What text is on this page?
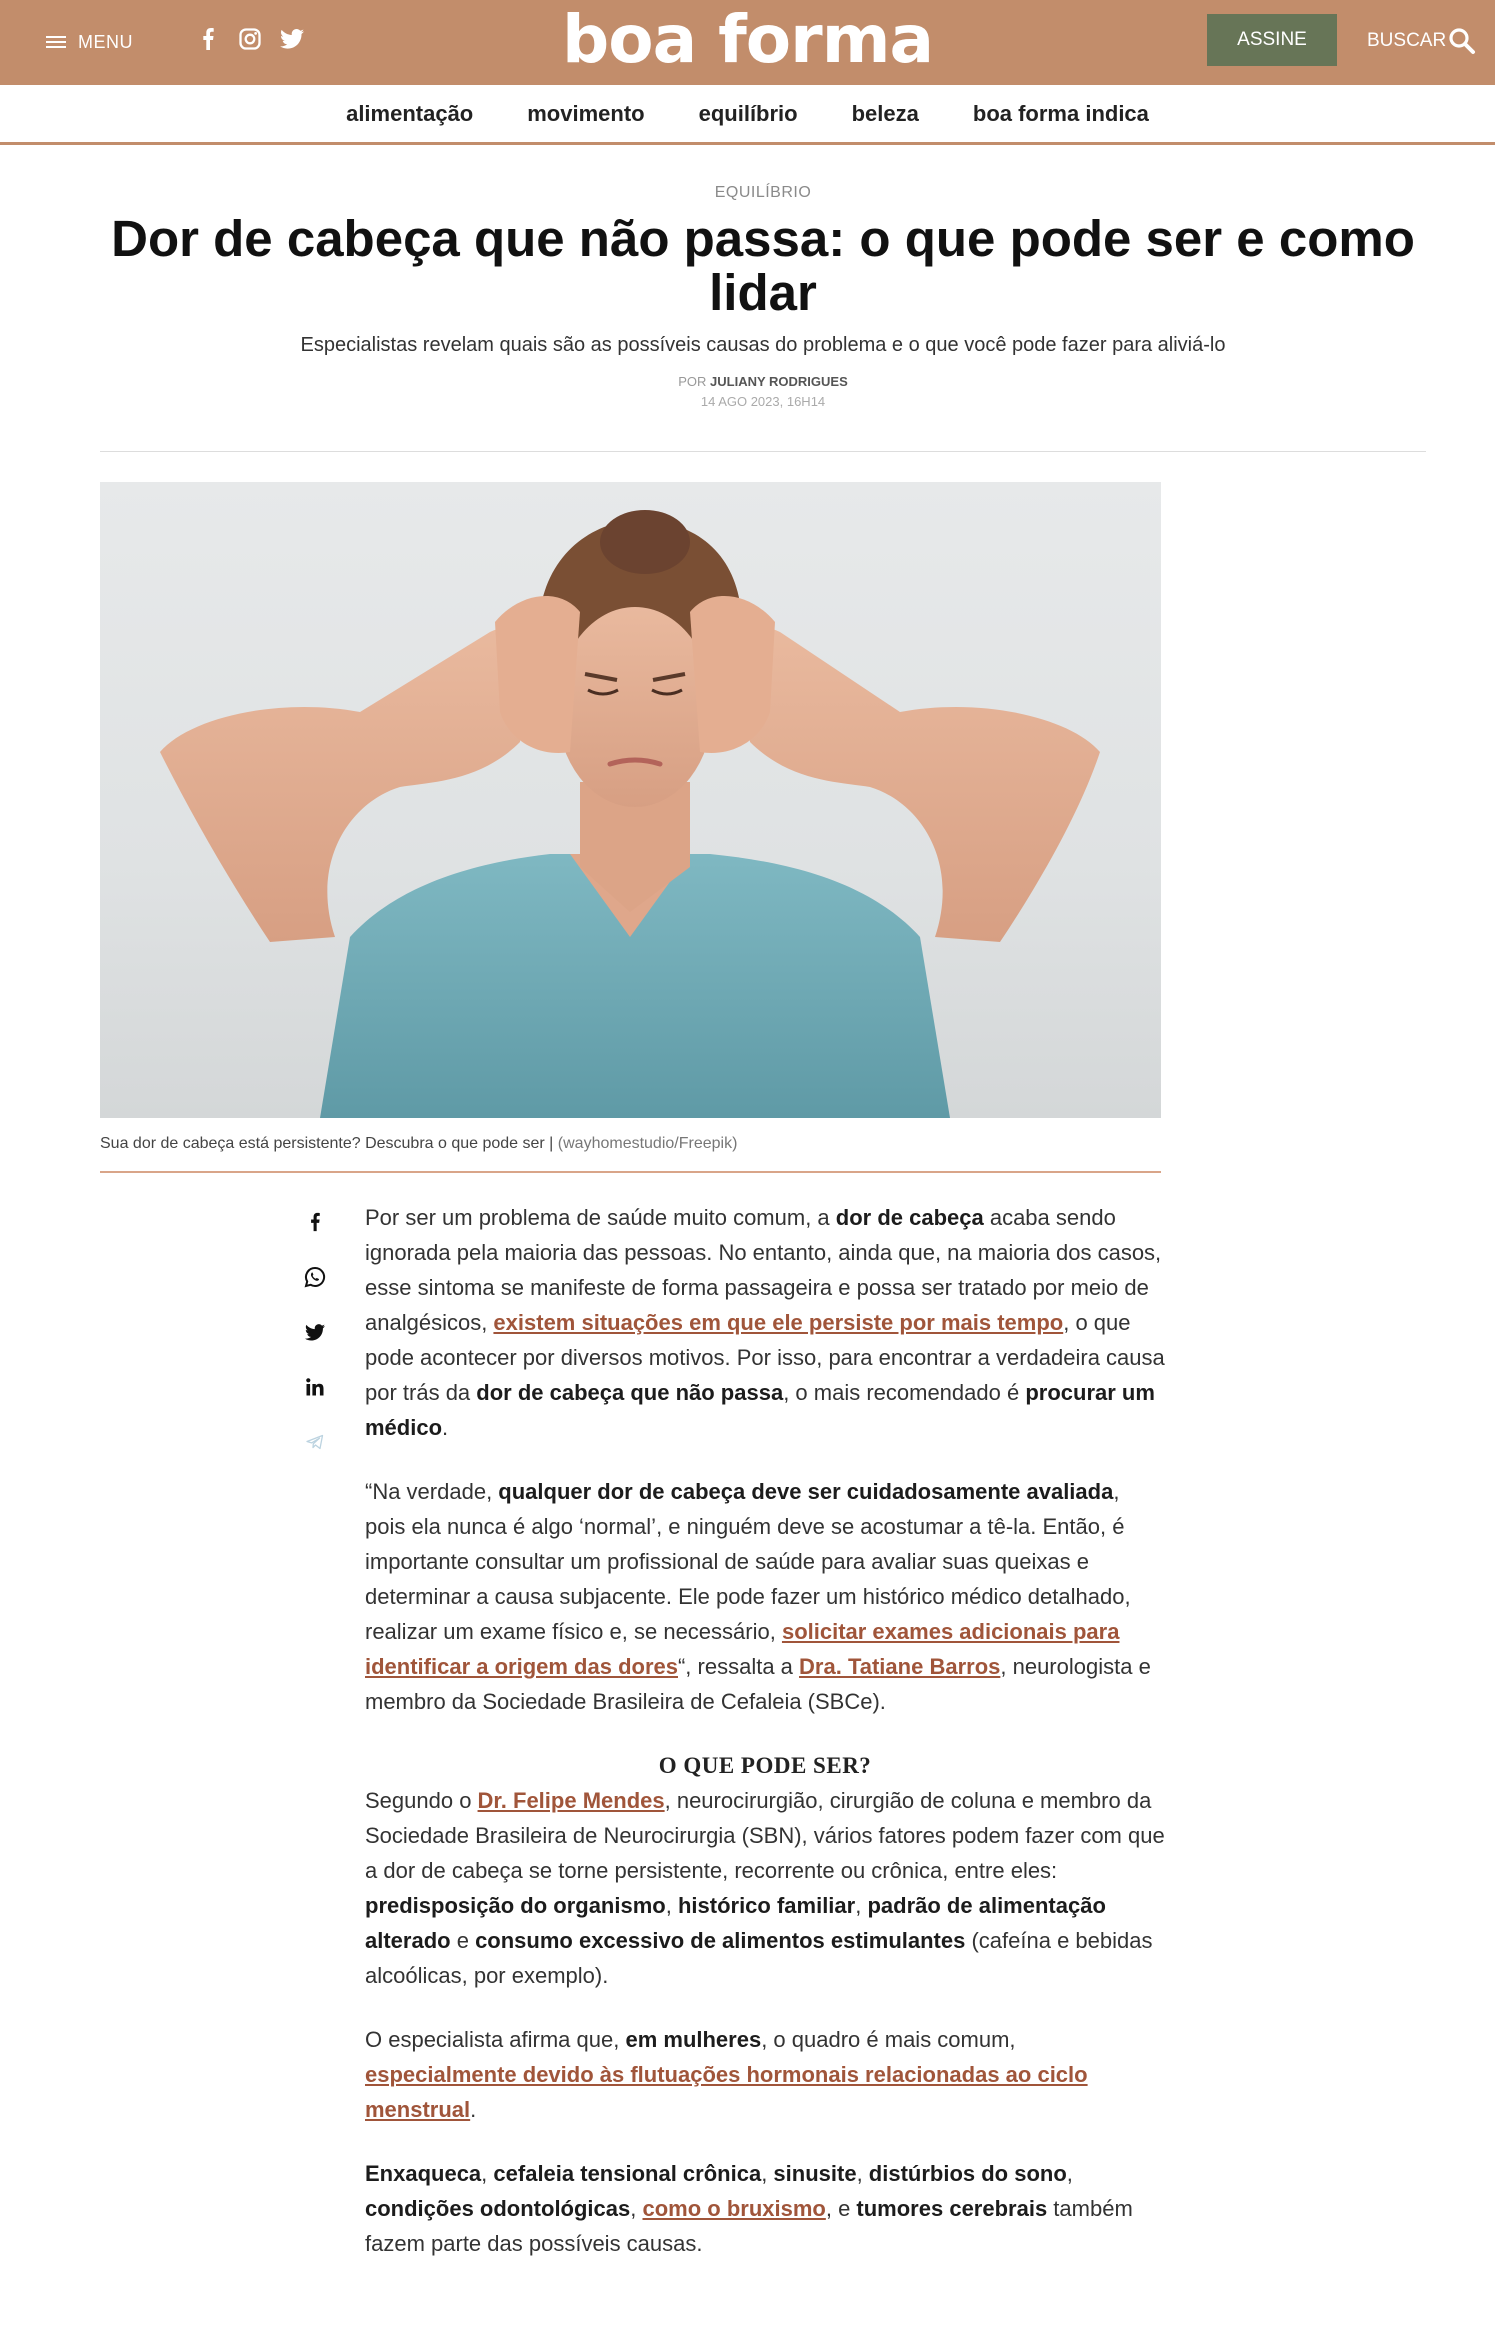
MENU	boa forma	ASSINE	BUSCAR
alimentação movimento equilíbrio beleza boa forma indica
EQUILÍBRIO
Dor de cabeça que não passa: o que pode ser e como lidar
Especialistas revelam quais são as possíveis causas do problema e o que você pode fazer para aliviá-lo
POR JULIANY RODRIGUES
14 AGO 2023, 16H14
Sua dor de cabeça está persistente? Descubra o que pode ser | (wayhomestudio/Freepik)

Por ser um problema de saúde muito comum, a dor de cabeça acaba sendo ignorada pela maioria das pessoas. No entanto, ainda que, na maioria dos casos, esse sintoma se manifeste de forma passageira e possa ser tratado por meio de analgésicos, existem situações em que ele persiste por mais tempo, o que pode acontecer por diversos motivos. Por isso, para encontrar a verdadeira causa por trás da dor de cabeça que não passa, o mais recomendado é procurar um médico.

“Na verdade, qualquer dor de cabeça deve ser cuidadosamente avaliada, pois ela nunca é algo ‘normal’, e ninguém deve se acostumar a tê-la. Então, é importante consultar um profissional de saúde para avaliar suas queixas e determinar a causa subjacente. Ele pode fazer um histórico médico detalhado, realizar um exame físico e, se necessário, solicitar exames adicionais para identificar a origem das dores“, ressalta a Dra. Tatiane Barros, neurologista e membro da Sociedade Brasileira de Cefaleia (SBCe).

O QUE PODE SER?

Segundo o Dr. Felipe Mendes, neurocirurgião, cirurgião de coluna e membro da Sociedade Brasileira de Neurocirurgia (SBN), vários fatores podem fazer com que a dor de cabeça se torne persistente, recorrente ou crônica, entre eles: predisposição do organismo, histórico familiar, padrão de alimentação alterado e consumo excessivo de alimentos estimulantes (cafeína e bebidas alcoólicas, por exemplo).

O especialista afirma que, em mulheres, o quadro é mais comum, especialmente devido às flutuações hormonais relacionadas ao ciclo menstrual.

Enxaqueca, cefaleia tensional crônica, sinusite, distúrbios do sono, condições odontológicas, como o bruxismo, e tumores cerebrais também fazem parte das possíveis causas.
